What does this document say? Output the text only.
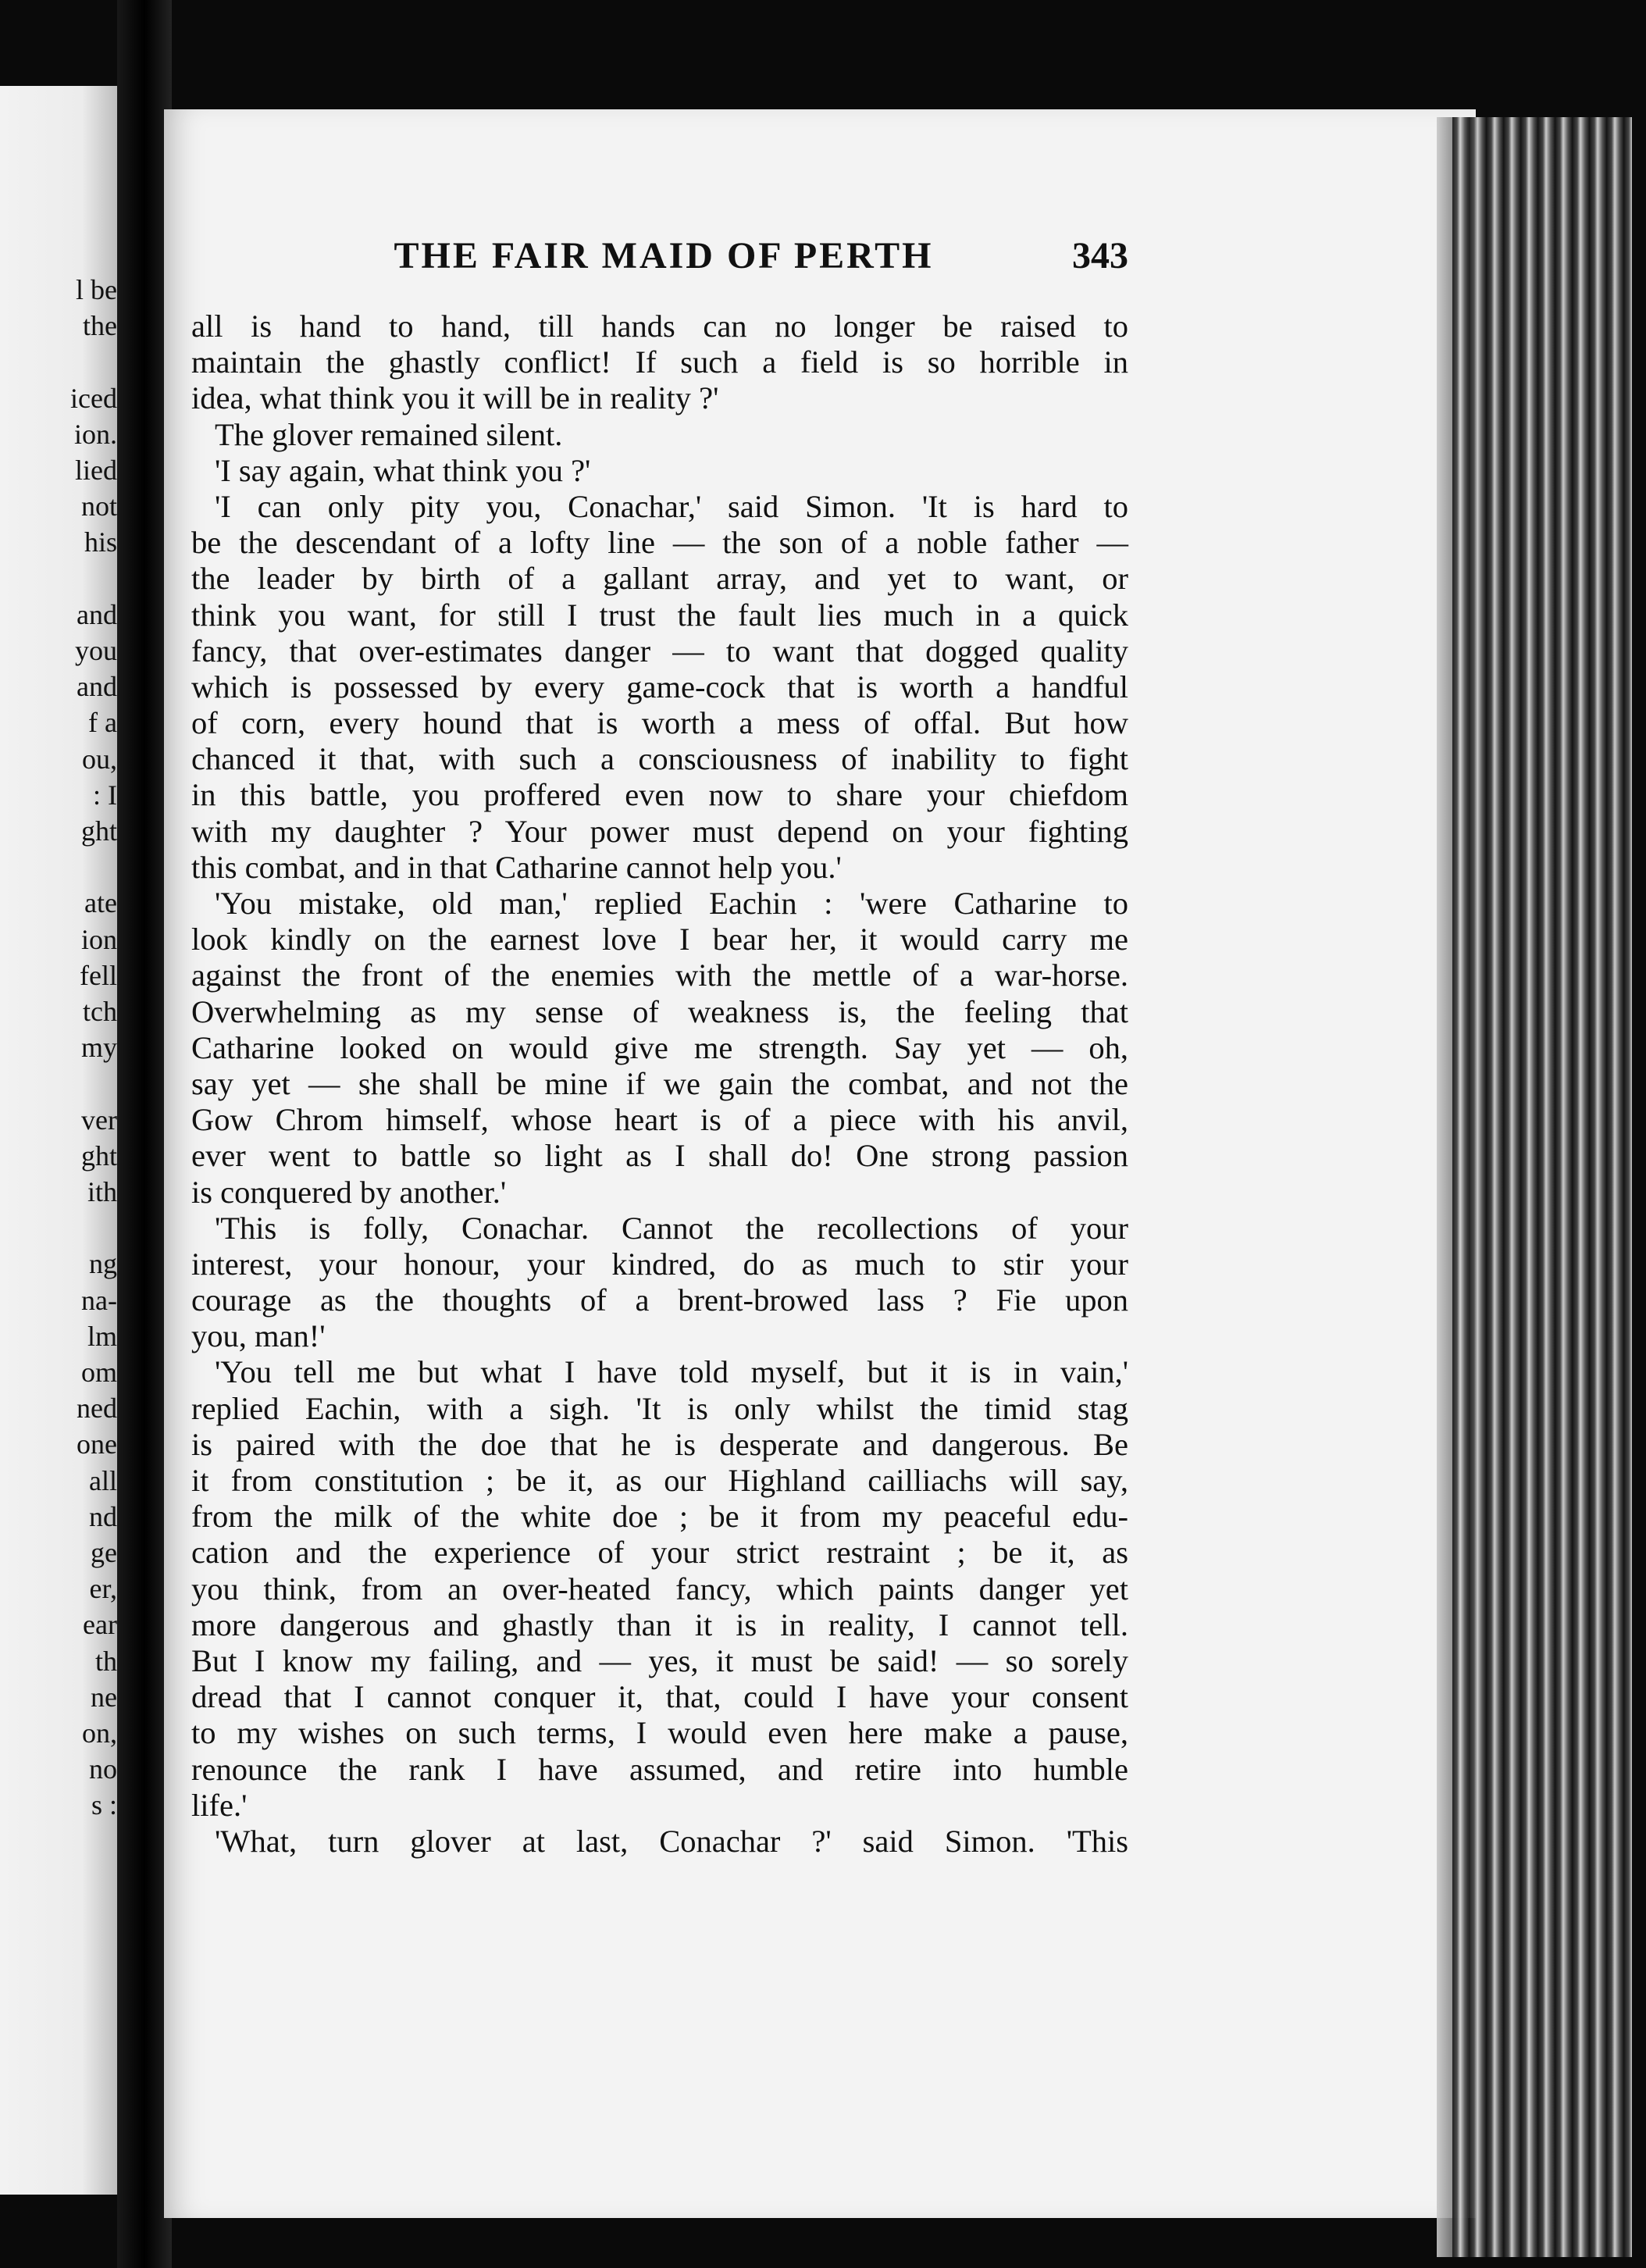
THE FAIR MAID OF PERTH	343
l be
the
iced
ion.
lied
not
his
and
you
and
f a
ou,
: I
ght
ate
ion
fell
tch
my
ver
ght
ith
ng
na-
lm
om
ned
one
all
nd
ge
er,
ear
th
ne
on,
no
s :
all is hand to hand, till hands can no longer be raised to
maintain the ghastly conflict! If such a field is so horrible in
idea, what think you it will be in reality ?'
The glover remained silent.
'I say again, what think you ?'
'I can only pity you, Conachar,' said Simon. 'It is hard to
be the descendant of a lofty line — the son of a noble father —
the leader by birth of a gallant array, and yet to want, or
think you want, for still I trust the fault lies much in a quick
fancy, that over-estimates danger — to want that dogged quality
which is possessed by every game-cock that is worth a handful
of corn, every hound that is worth a mess of offal. But how
chanced it that, with such a consciousness of inability to fight
in this battle, you proffered even now to share your chiefdom
with my daughter ? Your power must depend on your fighting
this combat, and in that Catharine cannot help you.'
'You mistake, old man,' replied Eachin : 'were Catharine to
look kindly on the earnest love I bear her, it would carry me
against the front of the enemies with the mettle of a war-horse.
Overwhelming as my sense of weakness is, the feeling that
Catharine looked on would give me strength. Say yet — oh,
say yet — she shall be mine if we gain the combat, and not the
Gow Chrom himself, whose heart is of a piece with his anvil,
ever went to battle so light as I shall do! One strong passion
is conquered by another.'
'This is folly, Conachar. Cannot the recollections of your
interest, your honour, your kindred, do as much to stir your
courage as the thoughts of a brent-browed lass ? Fie upon
you, man!'
'You tell me but what I have told myself, but it is in vain,'
replied Eachin, with a sigh. 'It is only whilst the timid stag
is paired with the doe that he is desperate and dangerous. Be
it from constitution ; be it, as our Highland cailliachs will say,
from the milk of the white doe ; be it from my peaceful edu-
cation and the experience of your strict restraint ; be it, as
you think, from an over-heated fancy, which paints danger yet
more dangerous and ghastly than it is in reality, I cannot tell.
But I know my failing, and — yes, it must be said! — so sorely
dread that I cannot conquer it, that, could I have your consent
to my wishes on such terms, I would even here make a pause,
renounce the rank I have assumed, and retire into humble
life.'
'What, turn glover at last, Conachar ?' said Simon. 'This
